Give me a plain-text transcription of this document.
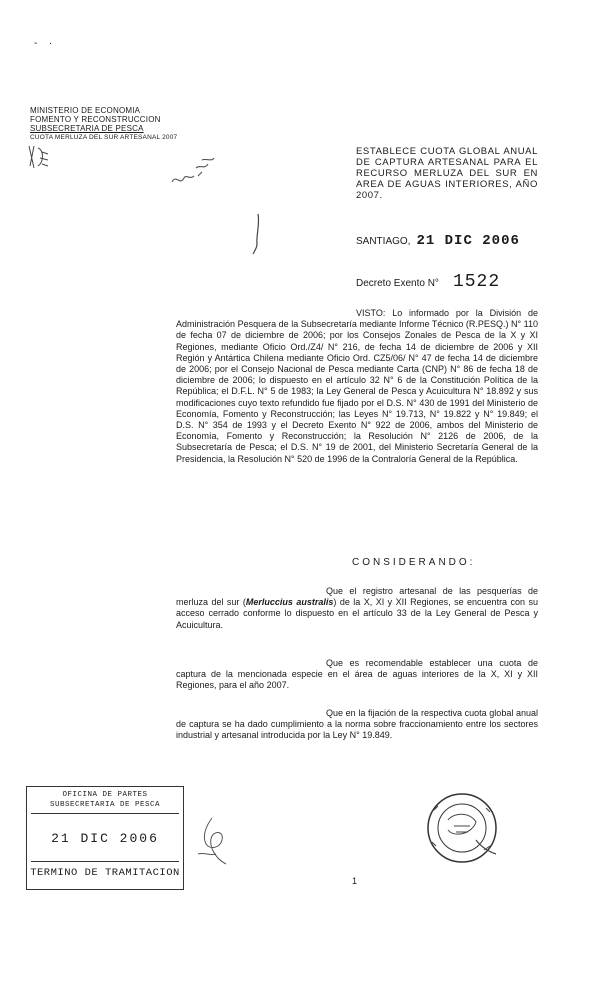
-  ·
MINISTERIO DE ECONOMIA
FOMENTO Y RECONSTRUCCION
SUBSECRETARIA DE PESCA
CUOTA MERLUZA DEL SUR ARTESANAL 2007
ESTABLECE CUOTA GLOBAL ANUAL DE CAPTURA ARTESANAL PARA EL RECURSO MERLUZA DEL SUR EN AREA DE AGUAS INTERIORES, AÑO 2007.
SANTIAGO, 21 DIC 2006
Decreto Exento N° 1522

VISTO: Lo informado por la División de Administración Pesquera de la Subsecretaría mediante Informe Técnico (R.PESQ.) N° 110 de fecha 07 de diciembre de 2006; por los Consejos Zonales de Pesca de la X y XI Regiones, mediante Oficio Ord./Z4/ N° 216, de fecha 14 de diciembre de 2006 y XII Región y Antártica Chilena mediante Oficio Ord. CZ5/06/ N° 47 de fecha 14 de diciembre de 2006; por el Consejo Nacional de Pesca mediante Carta (CNP) N° 86 de fecha 18 de diciembre de 2006; lo dispuesto en el artículo 32 N° 6 de la Constitución Política de la República; el D.F.L. N° 5 de 1983; la Ley General de Pesca y Acuicultura N° 18.892 y sus modificaciones cuyo texto refundido fue fijado por el D.S. N° 430 de 1991 del Ministerio de Economía, Fomento y Reconstrucción; las Leyes N° 19.713, N° 19.822 y N° 19.849; el D.S. N° 354 de 1993 y el Decreto Exento N° 922 de 2006, ambos del Ministerio de Economía, Fomento y Reconstrucción; la Resolución N° 2126 de 2006, de la Subsecretaría de Pesca; el D.S. N° 19 de 2001, del Ministerio Secretaría General de la Presidencia, la Resolución N° 520 de 1996 de la Contraloría General de la República.

CONSIDERANDO:

Que el registro artesanal de las pesquerías de merluza del sur (Merluccius australis) de la X, XI y XII Regiones, se encuentra con su acceso cerrado conforme lo dispuesto en el artículo 33 de la Ley General de Pesca y Acuicultura.

Que es recomendable establecer una cuota de captura de la mencionada especie en el área de aguas interiores de la X, XI y XII Regiones, para el año 2007.

Que en la fijación de la respectiva cuota global anual de captura se ha dado cumplimiento a la norma sobre fraccionamiento entre los sectores industrial y artesanal introducida por la Ley N° 19.849.

OFICINA DE PARTES
SUBSECRETARIA DE PESCA
21 DIC 2006
TERMINO DE TRAMITACION
1
